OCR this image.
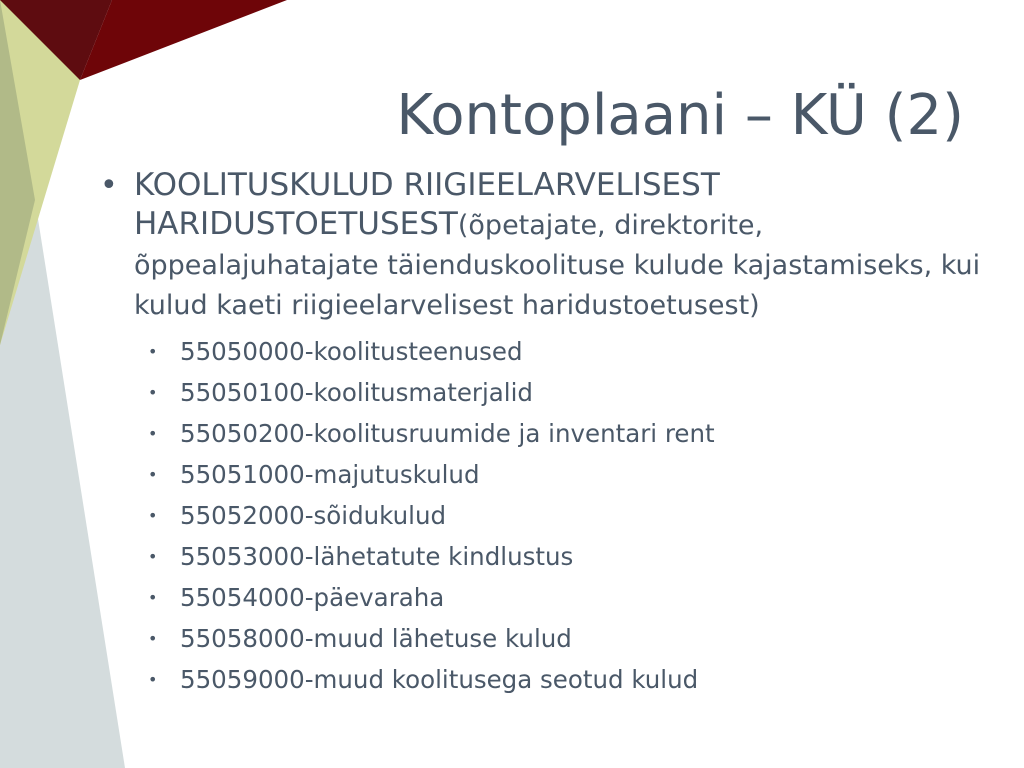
Kontoplaani – KÜ (2)

• KOOLITUSKULUD RIIGIEELARVELISEST HARIDUSTOETUSEST(õpetajate, direktorite, õppealajuhatajate täienduskoolituse kulude kajastamiseks, kui kulud kaeti riigieelarvelisest haridustoetusest)

• 55050000-koolitusteenused
• 55050100-koolitusmaterjalid
• 55050200-koolitusruumide ja inventari rent
• 55051000-majutuskulud
• 55052000-sõidukulud
• 55053000-lähetatute kindlustus
• 55054000-päevaraha
• 55058000-muud lähetuse kulud
• 55059000-muud koolitusega seotud kulud
